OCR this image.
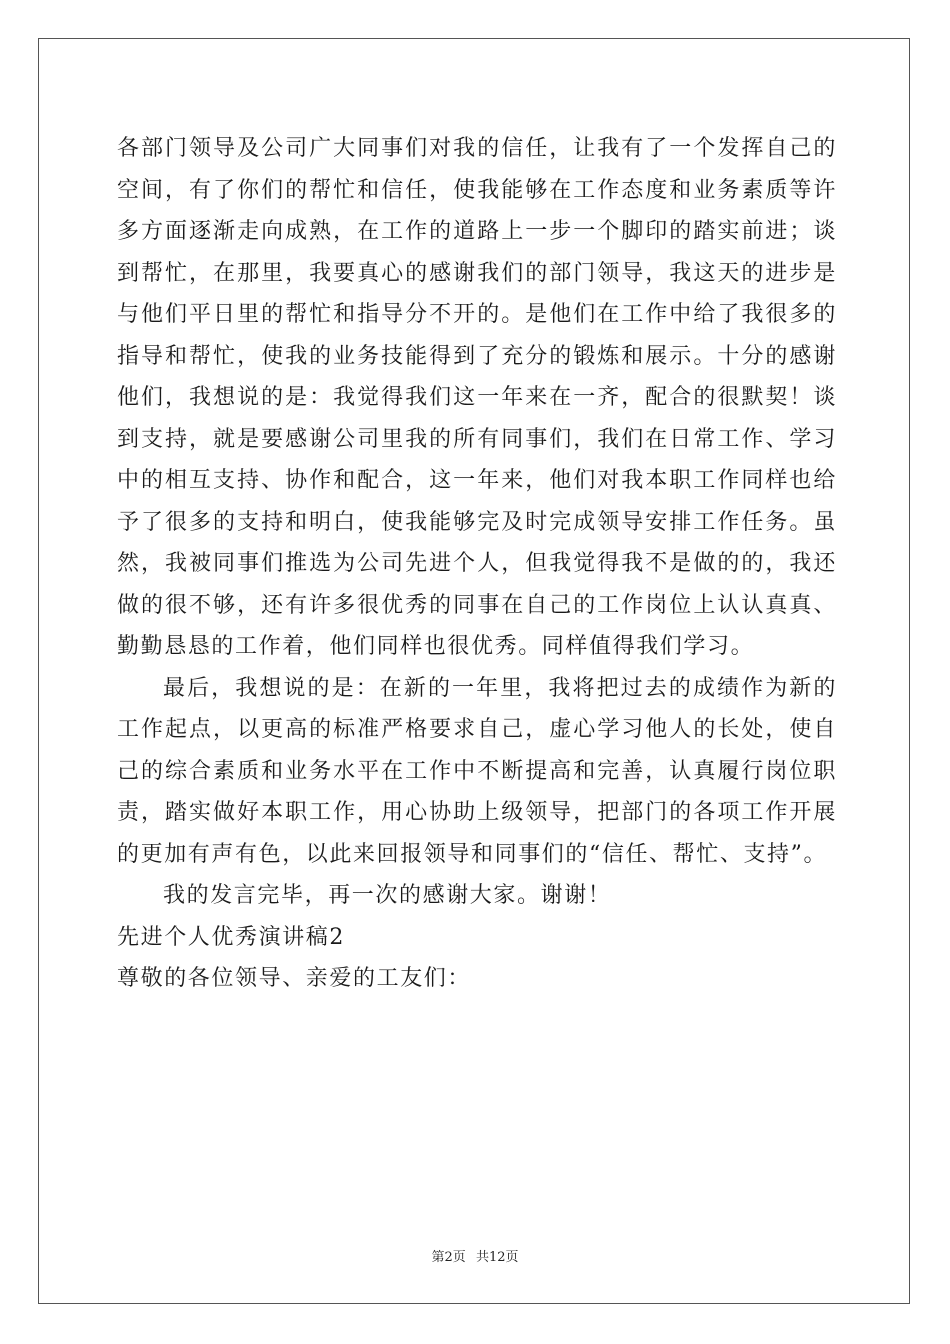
各部门领导及公司广大同事们对我的信任，让我有了一个发挥自己的空间，有了你们的帮忙和信任，使我能够在工作态度和业务素质等许多方面逐渐走向成熟，在工作的道路上一步一个脚印的踏实前进；谈到帮忙，在那里，我要真心的感谢我们的部门领导，我这天的进步是与他们平日里的帮忙和指导分不开的。是他们在工作中给了我很多的指导和帮忙，使我的业务技能得到了充分的锻炼和展示。十分的感谢他们，我想说的是：我觉得我们这一年来在一齐，配合的很默契！谈到支持，就是要感谢公司里我的所有同事们，我们在日常工作、学习中的相互支持、协作和配合，这一年来，他们对我本职工作同样也给予了很多的支持和明白，使我能够完及时完成领导安排工作任务。虽然，我被同事们推选为公司先进个人，但我觉得我不是做的的，我还做的很不够，还有许多很优秀的同事在自己的工作岗位上认认真真、勤勤恳恳的工作着，他们同样也很优秀。同样值得我们学习。

最后，我想说的是：在新的一年里，我将把过去的成绩作为新的工作起点，以更高的标准严格要求自己，虚心学习他人的长处，使自己的综合素质和业务水平在工作中不断提高和完善，认真履行岗位职责，踏实做好本职工作，用心协助上级领导，把部门的各项工作开展的更加有声有色，以此来回报领导和同事们的“信任、帮忙、支持”。

我的发言完毕，再一次的感谢大家。谢谢！

先进个人优秀演讲稿2

尊敬的各位领导、亲爱的工友们：

第2页 共12页
